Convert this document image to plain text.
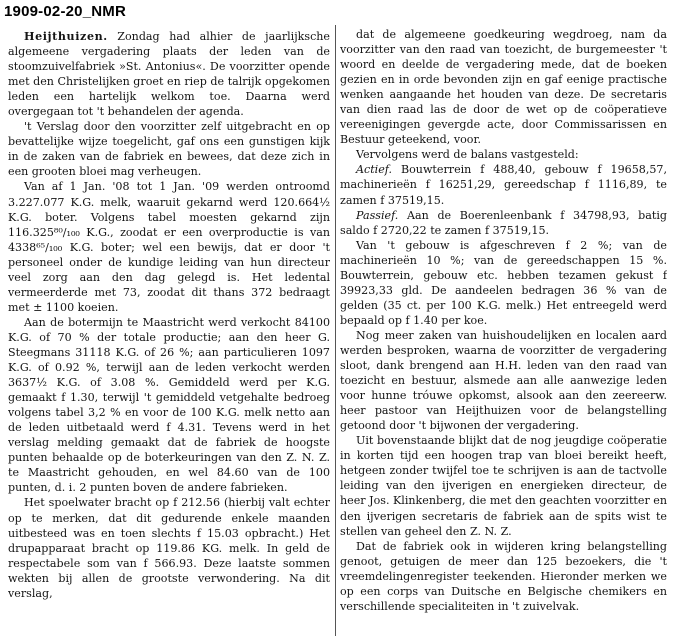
1909-02-20_NMR

Heijthuizen. Zondag had alhier de jaarlijksche algemeene vergadering plaats der leden van de stoomzuivelfabriek »St. Antonius«. De voorzitter opende met den Christelijken groet en riep de talrijk opgekomen leden een hartelijk welkom toe. Daarna werd overgegaan tot 't behandelen der agenda.

't Verslag door den voorzitter zelf uitgebracht en op bevattelijke wijze toegelicht, gaf ons een gunstigen kijk in de zaken van de fabriek en bewees, dat deze zich in een grooten bloei mag verheugen.

Van af 1 Jan. '08 tot 1 Jan. '09 werden ontroomd 3.227.077 K.G. melk, waaruit gekarnd werd 120.664½ K.G. boter. Volgens tabel moesten gekarnd zijn 116.325⁸⁰/₁₀₀ K.G., zoodat er een overproductie is van 4338⁶⁵/₁₀₀ K.G. boter; wel een bewijs, dat er door 't personeel onder de kundige leiding van hun directeur veel zorg aan den dag gelegd is. Het ledental vermeerderde met 73, zoodat dit thans 372 bedraagt met ± 1100 koeien.

Aan de botermijn te Maastricht werd verkocht 84100 K.G. of 70 % der totale productie; aan den heer G. Steegmans 31118 K.G. of 26 %; aan particulieren 1097 K.G. of 0.92 %, terwijl aan de leden verkocht werden 3637½ K.G. of 3.08 %. Gemiddeld werd per K.G. gemaakt f 1.30, terwijl 't gemiddeld vetgehalte bedroeg volgens tabel 3,2 % en voor de 100 K.G. melk netto aan de leden uitbetaald werd f 4.31. Tevens werd in het verslag melding gemaakt dat de fabriek de hoogste punten behaalde op de boterkeuringen van den Z. N. Z. te Maastricht gehouden, en wel 84.60 van de 100 punten, d. i. 2 punten boven de andere fabrieken.

Het spoelwater bracht op f 212.56 (hierbij valt echter op te merken, dat dit gedurende enkele maanden uitbesteed was en toen slechts f 15.03 opbracht.) Het drupapparaat bracht op 119.86 KG. melk. In geld de respectabele som van f 566.93. Deze laatste sommen wekten bij allen de grootste verwondering. Na dit verslag,

dat de algemeene goedkeuring wegdroeg, nam da voorzitter van den raad van toezicht, de burgemeester 't woord en deelde de vergadering mede, dat de boeken gezien en in orde bevonden zijn en gaf eenige practische wenken aangaande het houden van deze. De secretaris van dien raad las de door de wet op de coöperatieve vereenigingen gevergde acte, door Commissarissen en Bestuur geteekend, voor.

Vervolgens werd de balans vastgesteld:

Actief. Bouwterrein f 488,40, gebouw f 19658,57, machinerieën f 16251,29, gereedschap f 1116,89, te zamen f 37519,15.

Passief. Aan de Boerenleenbank f 34798,93, batig saldo f 2720,22 te zamen f 37519,15.

Van 't gebouw is afgeschreven f 2 %; van de machinerieën 10 %; van de gereedschappen 15 %. Bouwterrein, gebouw etc. hebben tezamen gekust f 39923,33 gld. De aandeelen bedragen 36 % van de gelden (35 ct. per 100 K.G. melk.) Het entreegeld werd bepaald op f 1.40 per koe.

Nog meer zaken van huishoudelijken en localen aard werden besproken, waarna de voorzitter de vergadering sloot, dank brengend aan H.H. leden van den raad van toezicht en bestuur, alsmede aan alle aanwezige leden voor hunne tróuwe opkomst, alsook aan den zeereerw. heer pastoor van Heijthuizen voor de belangstelling getoond door 't bijwonen der vergadering.

Uit bovenstaande blijkt dat de nog jeugdige coöperatie in korten tijd een hoogen trap van bloei bereikt heeft, hetgeen zonder twijfel toe te schrijven is aan de tactvolle leiding van den ijverigen en energieken directeur, de heer Jos. Klinkenberg, die met den geachten voorzitter en den ijverigen secretaris de fabriek aan de spits wist te stellen van geheel den Z. N. Z.

Dat de fabriek ook in wijderen kring belangstelling genoot, getuigen de meer dan 125 bezoekers, die 't vreemdelingenregister teekenden. Hieronder merken we op een corps van Duitsche en Belgische chemikers en verschillende specialiteiten in 't zuivelvak.
